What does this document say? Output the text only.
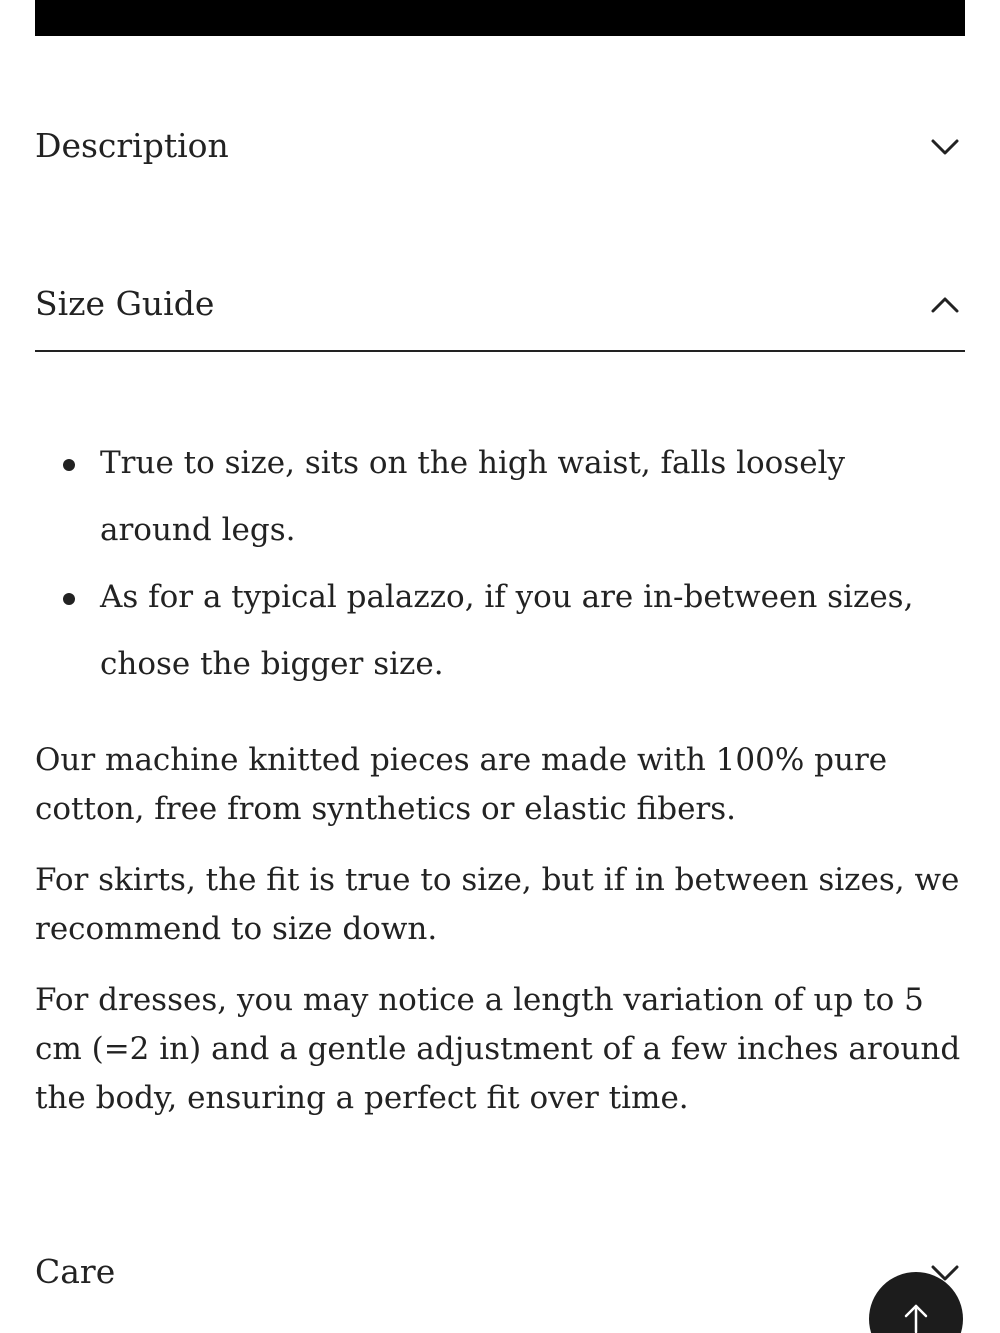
Description
Size Guide
True to size, sits on the high waist, falls loosely around legs.
As for a typical palazzo, if you are in-between sizes, chose the bigger size.

Our machine knitted pieces are made with 100% pure cotton, free from synthetics or elastic fibers.

For skirts, the fit is true to size, but if in between sizes, we recommend to size down.

For dresses, you may notice a length variation of up to 5 cm (=2 in) and a gentle adjustment of a few inches around the body, ensuring a perfect fit over time.

Care
